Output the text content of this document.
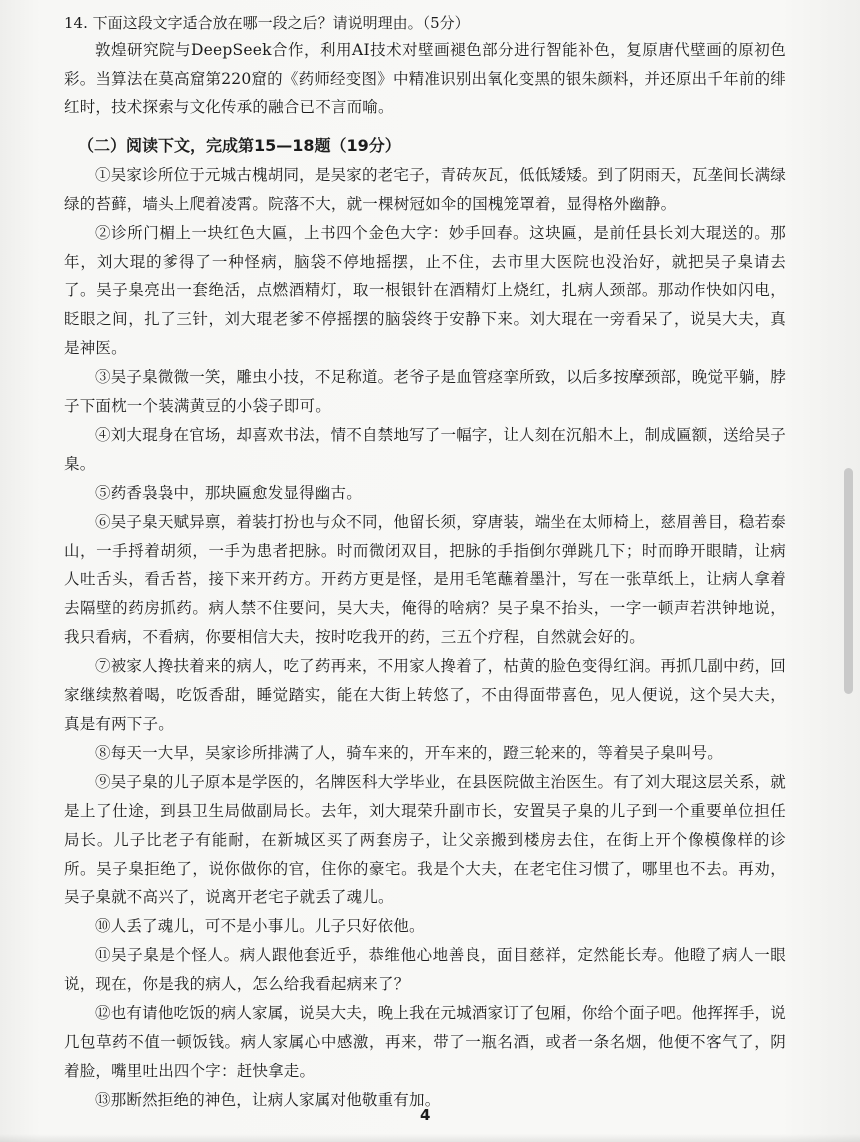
14. 下面这段文字适合放在哪一段之后？请说明理由。（5分）

敦煌研究院与DeepSeek合作，利用AI技术对壁画褪色部分进行智能补色，复原唐代壁画的原初色彩。当算法在莫高窟第220窟的《药师经变图》中精准识别出氧化变黑的银朱颜料，并还原出千年前的绯红时，技术探索与文化传承的融合已不言而喻。

（二）阅读下文，完成第15—18题（19分）

①吴家诊所位于元城古槐胡同，是吴家的老宅子，青砖灰瓦，低低矮矮。到了阴雨天，瓦垄间长满绿绿的苔藓，墙头上爬着凌霄。院落不大，就一棵树冠如伞的国槐笼罩着，显得格外幽静。

②诊所门楣上一块红色大匾，上书四个金色大字：妙手回春。这块匾，是前任县长刘大琨送的。那年，刘大琨的爹得了一种怪病，脑袋不停地摇摆，止不住，去市里大医院也没治好，就把吴子臬请去了。吴子臬亮出一套绝活，点燃酒精灯，取一根银针在酒精灯上烧红，扎病人颈部。那动作快如闪电，眨眼之间，扎了三针，刘大琨老爹不停摇摆的脑袋终于安静下来。刘大琨在一旁看呆了，说吴大夫，真是神医。

③吴子臬微微一笑，雕虫小技，不足称道。老爷子是血管痉挛所致，以后多按摩颈部，晚觉平躺，脖子下面枕一个装满黄豆的小袋子即可。

④刘大琨身在官场，却喜欢书法，情不自禁地写了一幅字，让人刻在沉船木上，制成匾额，送给吴子臬。

⑤药香袅袅中，那块匾愈发显得幽古。

⑥吴子臬天赋异禀，着装打扮也与众不同，他留长须，穿唐装，端坐在太师椅上，慈眉善目，稳若泰山，一手捋着胡须，一手为患者把脉。时而微闭双目，把脉的手指倒尔弹跳几下；时而睁开眼睛，让病人吐舌头，看舌苔，接下来开药方。开药方更是怪，是用毛笔蘸着墨汁，写在一张草纸上，让病人拿着去隔壁的药房抓药。病人禁不住要问，吴大夫，俺得的啥病？吴子臬不抬头，一字一顿声若洪钟地说，我只看病，不看病，你要相信大夫，按时吃我开的药，三五个疗程，自然就会好的。

⑦被家人搀扶着来的病人，吃了药再来，不用家人搀着了，枯黄的脸色变得红润。再抓几副中药，回家继续熬着喝，吃饭香甜，睡觉踏实，能在大街上转悠了，不由得面带喜色，见人便说，这个吴大夫，真是有两下子。

⑧每天一大早，吴家诊所排满了人，骑车来的，开车来的，蹬三轮来的，等着吴子臬叫号。

⑨吴子臬的儿子原本是学医的，名牌医科大学毕业，在县医院做主治医生。有了刘大琨这层关系，就是上了仕途，到县卫生局做副局长。去年，刘大琨荣升副市长，安置吴子臬的儿子到一个重要单位担任局长。儿子比老子有能耐，在新城区买了两套房子，让父亲搬到楼房去住，在街上开个像模像样的诊所。吴子臬拒绝了，说你做你的官，住你的豪宅。我是个大夫，在老宅住习惯了，哪里也不去。再劝，吴子臬就不高兴了，说离开老宅子就丢了魂儿。

⑩人丢了魂儿，可不是小事儿。儿子只好依他。

⑪吴子臬是个怪人。病人跟他套近乎，恭维他心地善良，面目慈祥，定然能长寿。他瞪了病人一眼说，现在，你是我的病人，怎么给我看起病来了？

⑫也有请他吃饭的病人家属，说吴大夫，晚上我在元城酒家订了包厢，你给个面子吧。他挥挥手，说几包草药不值一顿饭钱。病人家属心中感激，再来，带了一瓶名酒，或者一条名烟，他便不客气了，阴着脸，嘴里吐出四个字：赶快拿走。

⑬那断然拒绝的神色，让病人家属对他敬重有加。

4
